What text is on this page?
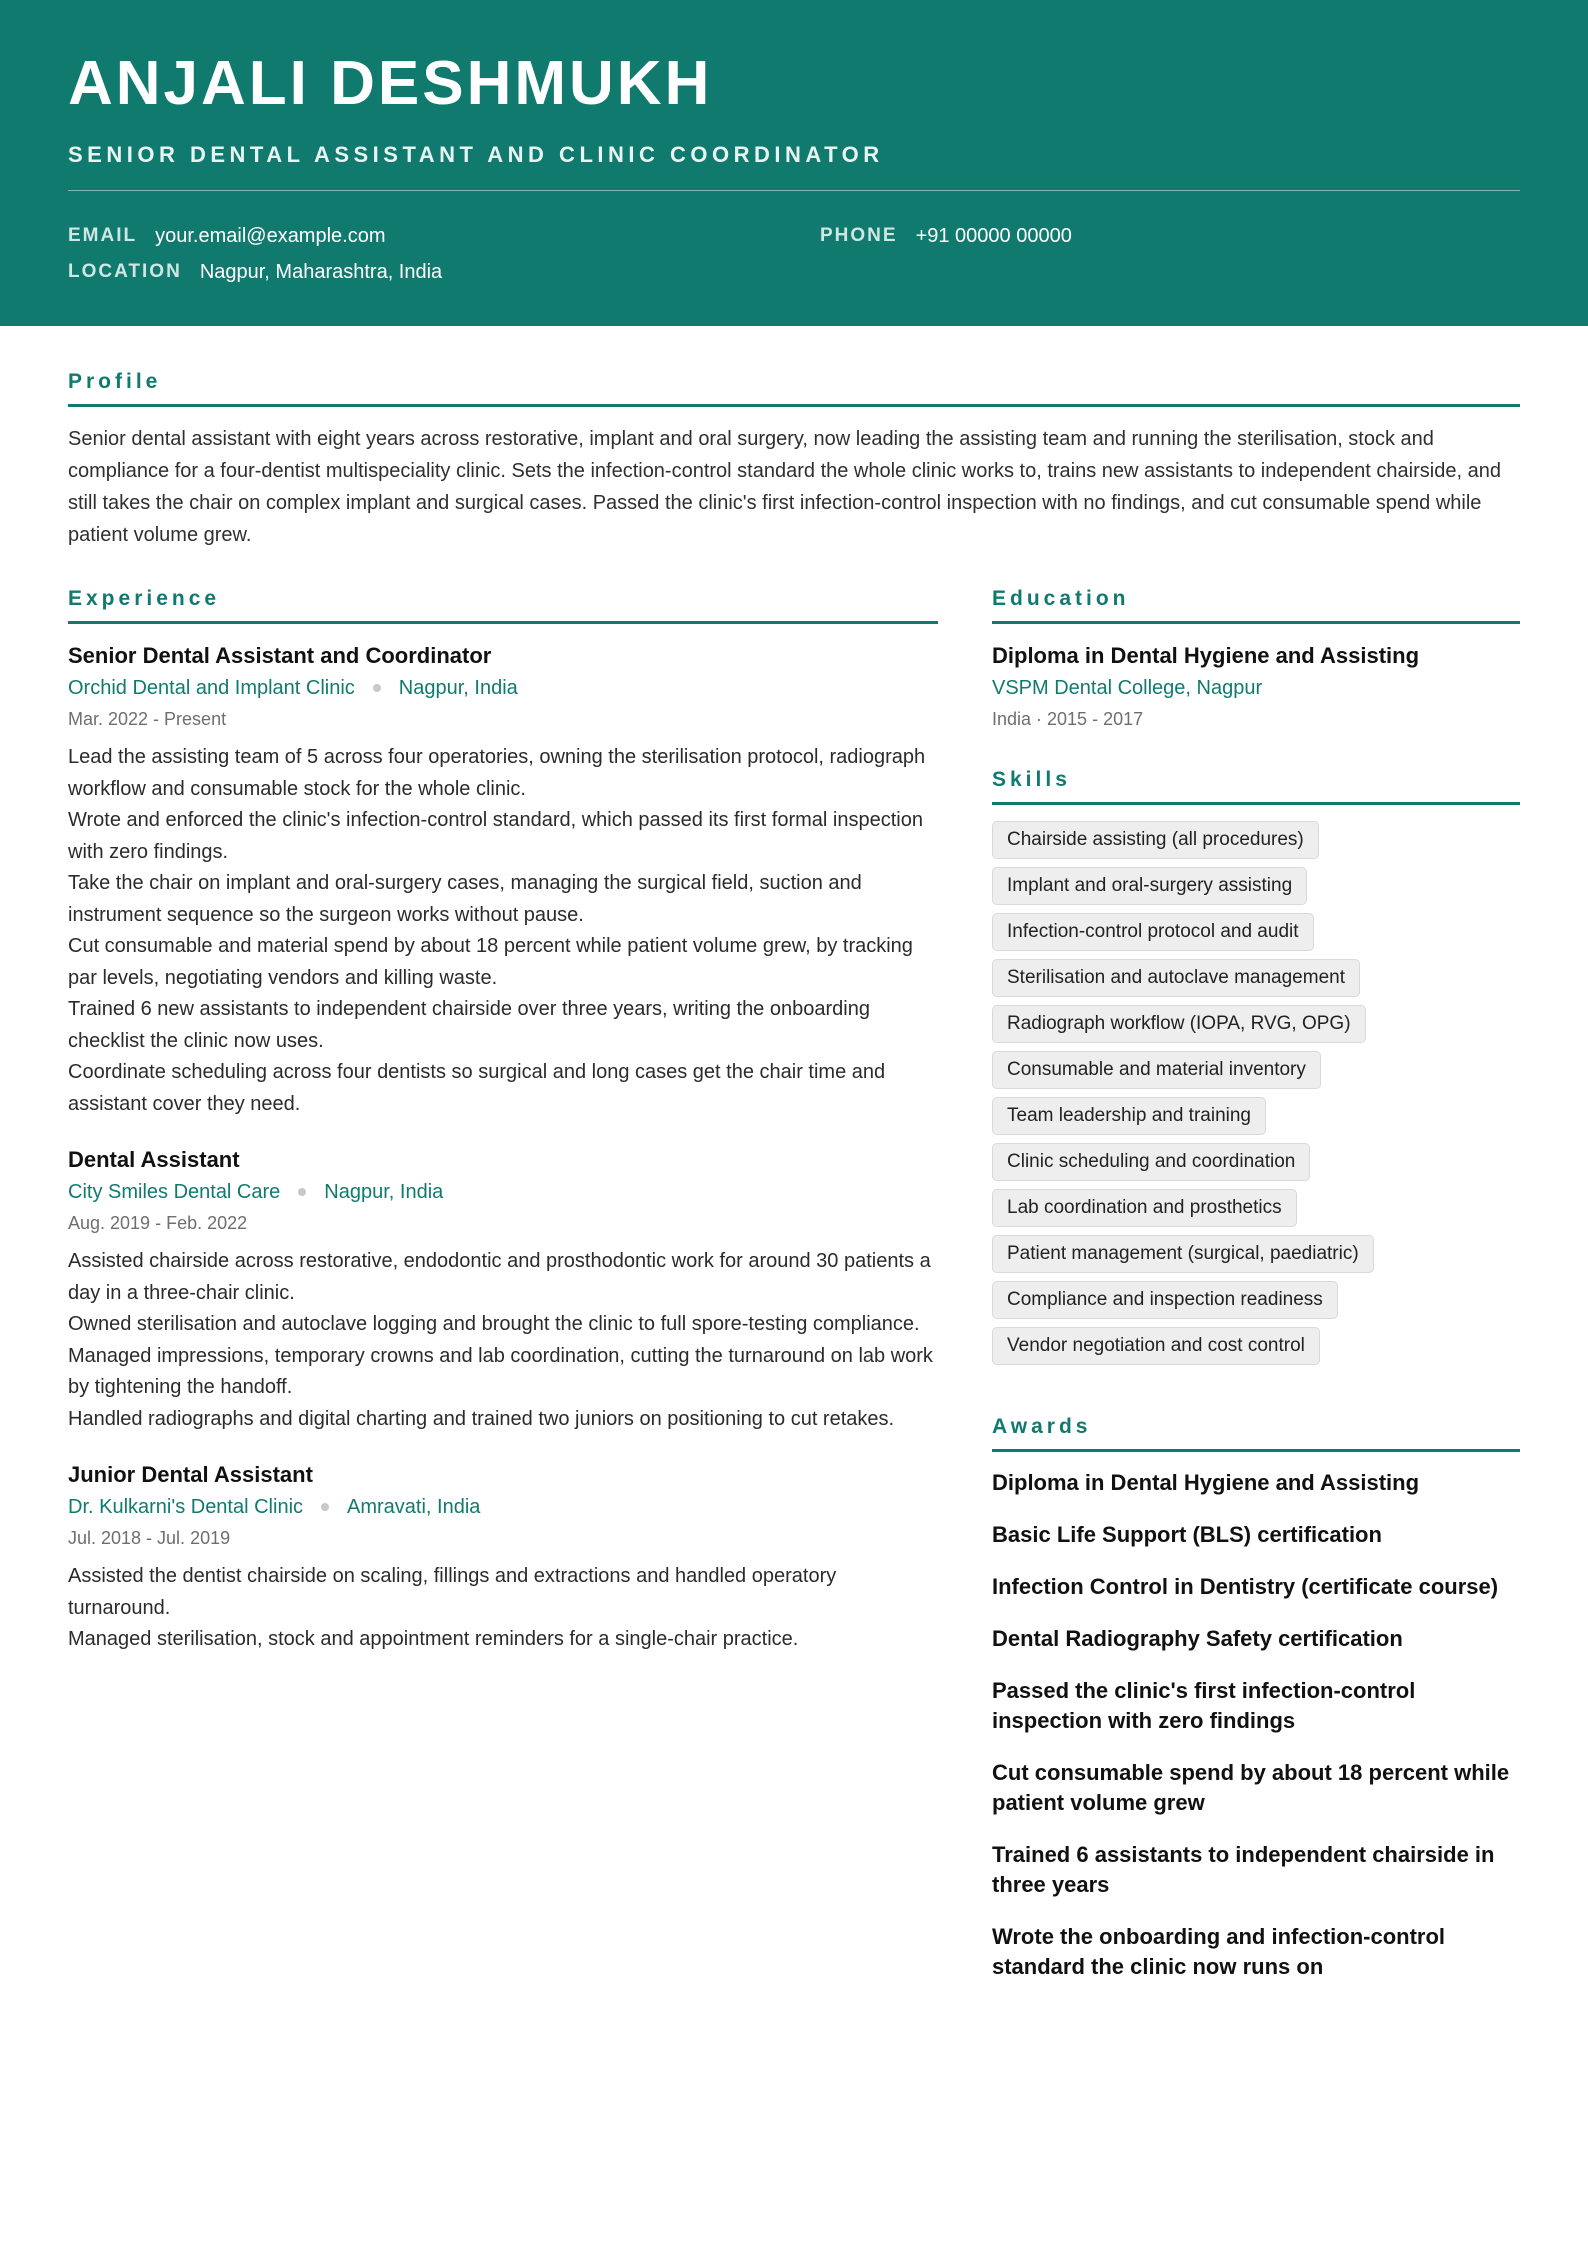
ANJALI DESHMUKH
SENIOR DENTAL ASSISTANT AND CLINIC COORDINATOR
EMAIL your.email@example.com	PHONE +91 00000 00000
LOCATION Nagpur, Maharashtra, India
Profile

Senior dental assistant with eight years across restorative, implant and oral surgery, now leading the assisting team and running the sterilisation, stock and compliance for a four-dentist multispeciality clinic. Sets the infection-control standard the whole clinic works to, trains new assistants to independent chairside, and still takes the chair on complex implant and surgical cases. Passed the clinic's first infection-control inspection with no findings, and cut consumable spend while patient volume grew.

Experience
Senior Dental Assistant and Coordinator
Orchid Dental and Implant Clinic Nagpur, India
Mar. 2022 - Present
Lead the assisting team of 5 across four operatories, owning the sterilisation protocol, radiograph workflow and consumable stock for the whole clinic.
Wrote and enforced the clinic's infection-control standard, which passed its first formal inspection with zero findings.
Take the chair on implant and oral-surgery cases, managing the surgical field, suction and instrument sequence so the surgeon works without pause.
Cut consumable and material spend by about 18 percent while patient volume grew, by tracking par levels, negotiating vendors and killing waste.
Trained 6 new assistants to independent chairside over three years, writing the onboarding checklist the clinic now uses.
Coordinate scheduling across four dentists so surgical and long cases get the chair time and assistant cover they need.
Dental Assistant
City Smiles Dental Care Nagpur, India
Aug. 2019 - Feb. 2022
Assisted chairside across restorative, endodontic and prosthodontic work for around 30 patients a day in a three-chair clinic.
Owned sterilisation and autoclave logging and brought the clinic to full spore-testing compliance.
Managed impressions, temporary crowns and lab coordination, cutting the turnaround on lab work by tightening the handoff.
Handled radiographs and digital charting and trained two juniors on positioning to cut retakes.
Junior Dental Assistant
Dr. Kulkarni's Dental Clinic Amravati, India
Jul. 2018 - Jul. 2019
Assisted the dentist chairside on scaling, fillings and extractions and handled operatory turnaround.
Managed sterilisation, stock and appointment reminders for a single-chair practice.
Education
Diploma in Dental Hygiene and Assisting
VSPM Dental College, Nagpur
India · 2015 - 2017
Skills
Chairside assisting (all procedures)
Implant and oral-surgery assisting
Infection-control protocol and audit
Sterilisation and autoclave management
Radiograph workflow (IOPA, RVG, OPG)
Consumable and material inventory
Team leadership and training
Clinic scheduling and coordination
Lab coordination and prosthetics
Patient management (surgical, paediatric)
Compliance and inspection readiness
Vendor negotiation and cost control
Awards
Diploma in Dental Hygiene and Assisting
Basic Life Support (BLS) certification
Infection Control in Dentistry (certificate course)
Dental Radiography Safety certification
Passed the clinic's first infection-control inspection with zero findings
Cut consumable spend by about 18 percent while patient volume grew
Trained 6 assistants to independent chairside in three years
Wrote the onboarding and infection-control standard the clinic now runs on
